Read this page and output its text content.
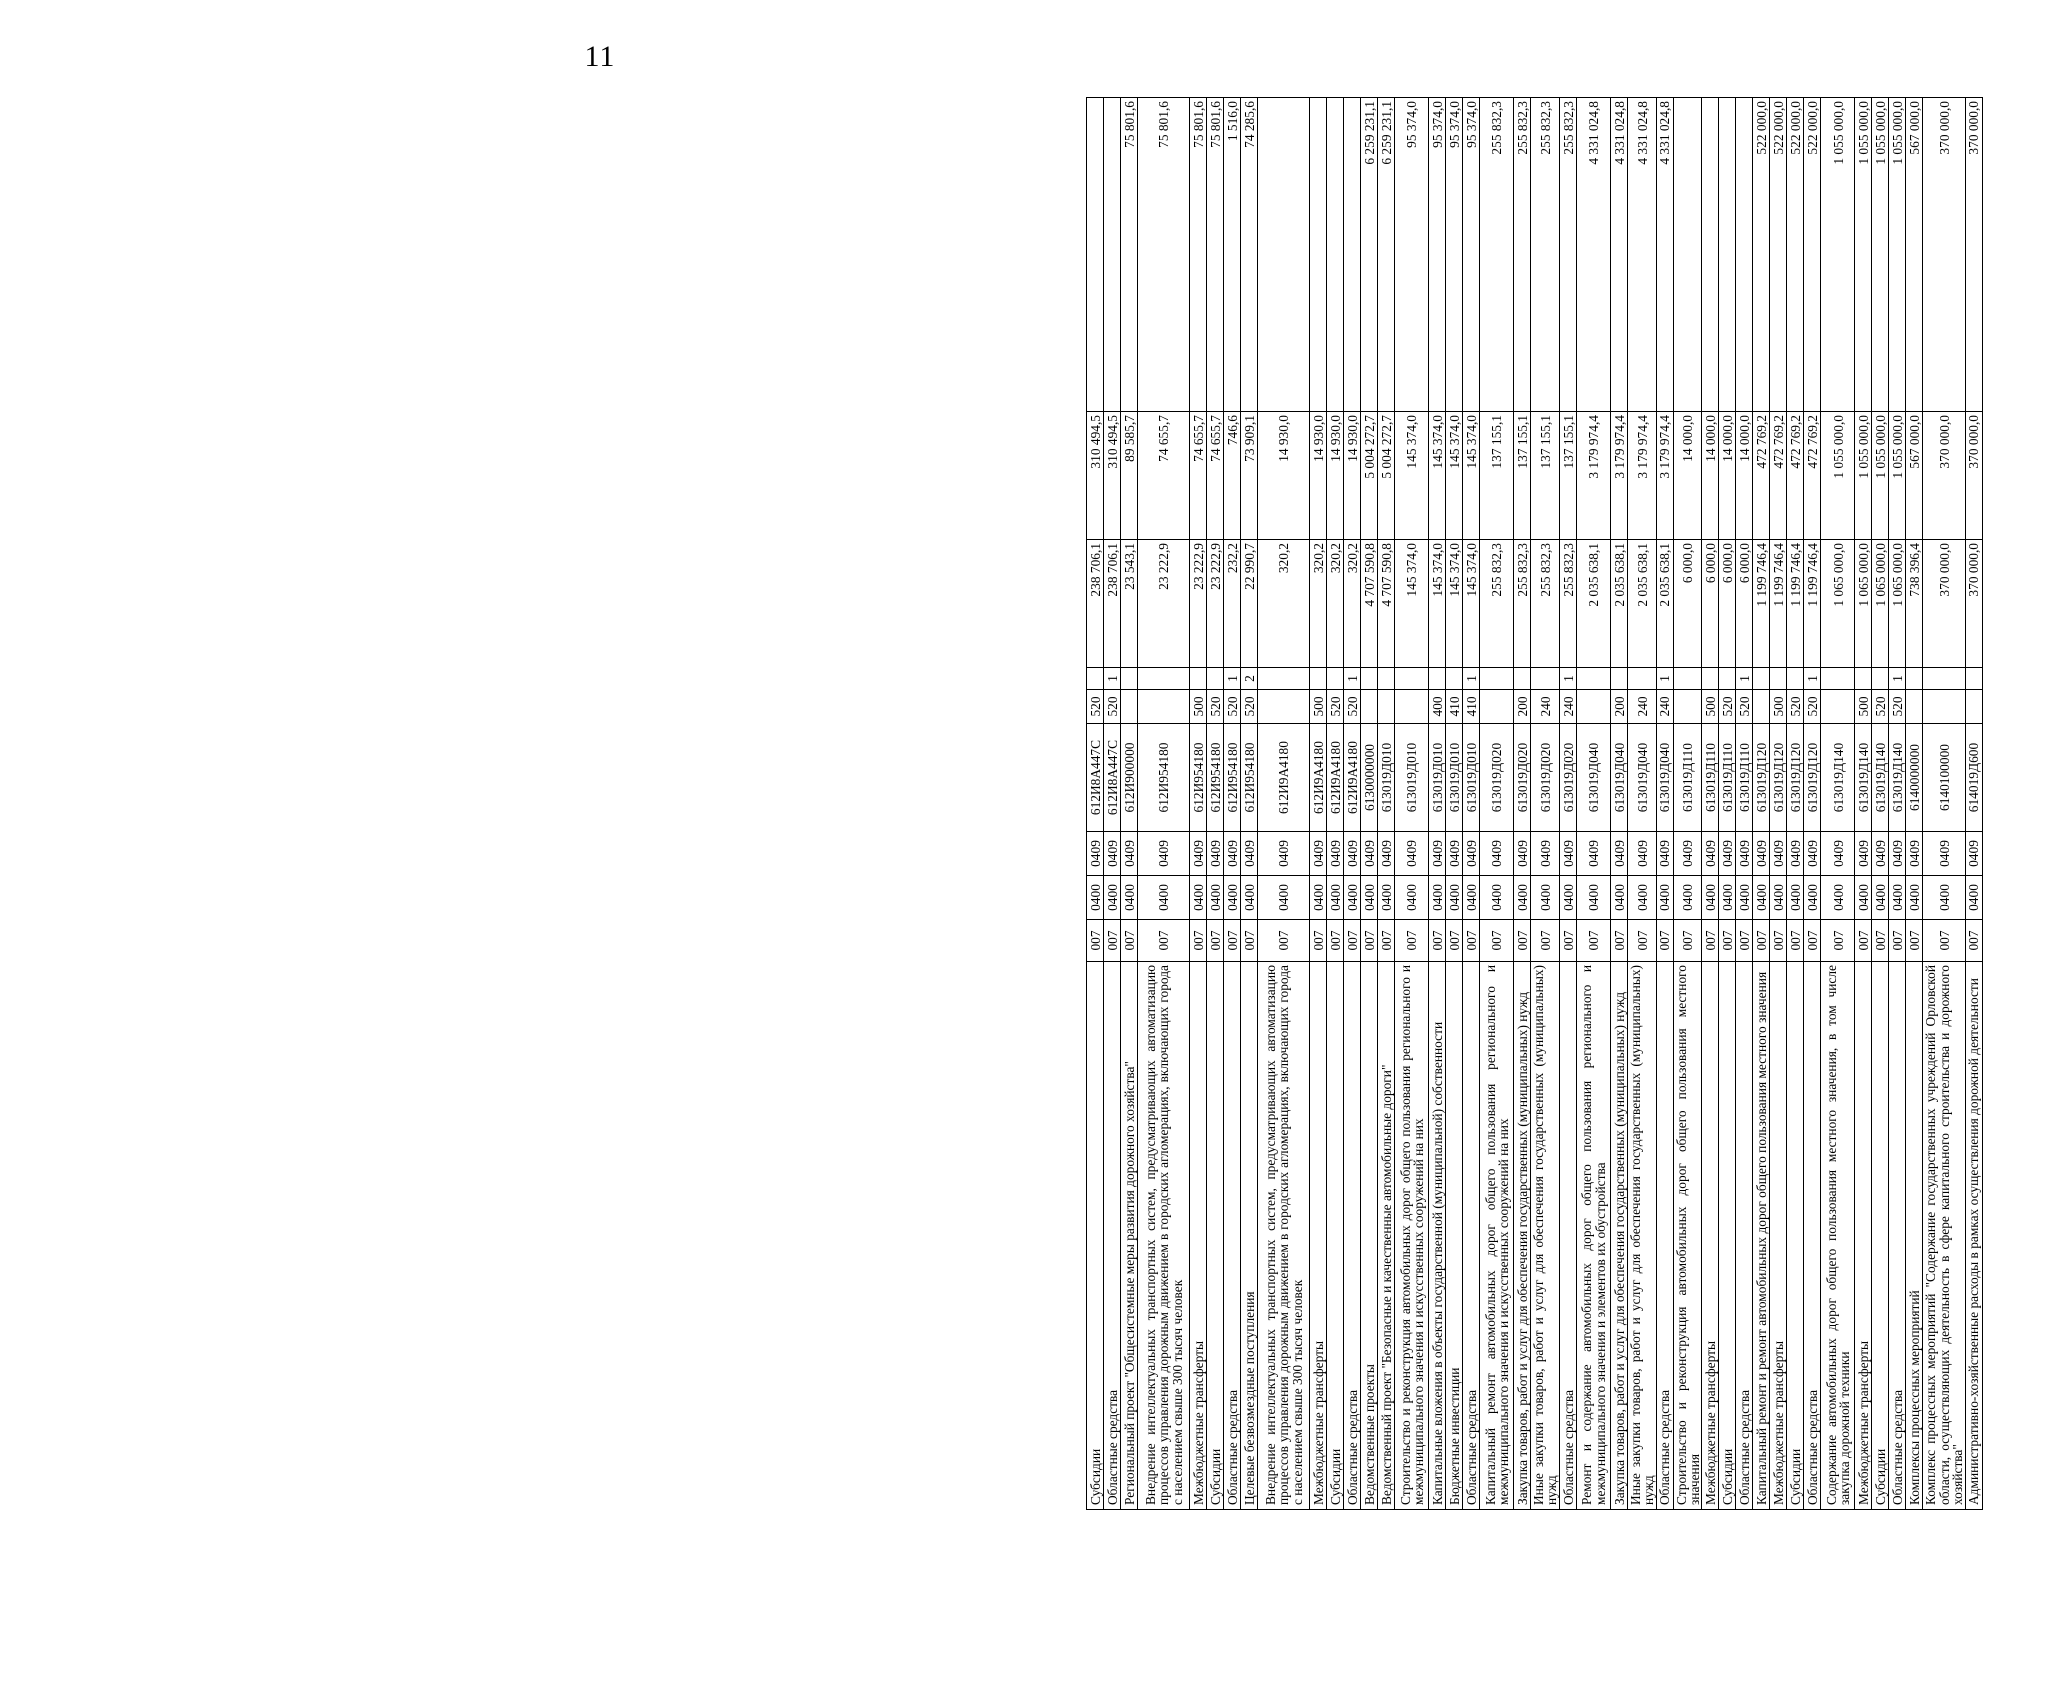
11
Субсидии	007	0400	0409	612И8А447С	520		238 706,1	310 494,5	
Областные средства	007	0400	0409	612И8А447С	520	1	238 706,1	310 494,5	
Региональный проект "Общесистемные меры развития дорожного хозяйства"	007	0400	0409	612И900000			23 543,1	89 585,7	75 801,6
Внедрение интеллектуальных транспортных систем, предусматривающих автоматизацию процессов управления дорожным движением в городских агломерациях, включающих города с населением свыше 300 тысяч человек	007	0400	0409	612И954180			23 222,9	74 655,7	75 801,6
Межбюджетные трансферты	007	0400	0409	612И954180	500		23 222,9	74 655,7	75 801,6
Субсидии	007	0400	0409	612И954180	520		23 222,9	74 655,7	75 801,6
Областные средства	007	0400	0409	612И954180	520	1	232,2	746,6	1 516,0
Целевые безвозмездные поступления	007	0400	0409	612И954180	520	2	22 990,7	73 909,1	74 285,6
Внедрение интеллектуальных транспортных систем, предусматривающих автоматизацию процессов управления дорожным движением в городских агломерациях, включающих города с населением свыше 300 тысяч человек	007	0400	0409	612И9А4180			320,2	14 930,0	
Межбюджетные трансферты	007	0400	0409	612И9А4180	500		320,2	14 930,0	
Субсидии	007	0400	0409	612И9А4180	520		320,2	14 930,0	
Областные средства	007	0400	0409	612И9А4180	520	1	320,2	14 930,0	
Ведомственные проекты	007	0400	0409	6130000000			4 707 590,8	5 004 272,7	6 259 231,1
Ведомственный проект "Безопасные и качественные автомобильные дороги"	007	0400	0409	613019Д010			4 707 590,8	5 004 272,7	6 259 231,1
Строительство и реконструкция автомобильных дорог общего пользования регионального и межмуниципального значения и искусственных сооружений на них	007	0400	0409	613019Д010			145 374,0	145 374,0	95 374,0
Капитальные вложения в объекты государственной (муниципальной) собственности	007	0400	0409	613019Д010	400		145 374,0	145 374,0	95 374,0
Бюджетные инвестиции	007	0400	0409	613019Д010	410		145 374,0	145 374,0	95 374,0
Областные средства	007	0400	0409	613019Д010	410	1	145 374,0	145 374,0	95 374,0
Капитальный ремонт автомобильных дорог общего пользования регионального и межмуниципального значения и искусственных сооружений на них	007	0400	0409	613019Д020			255 832,3	137 155,1	255 832,3
Закупка товаров, работ и услуг для обеспечения государственных (муниципальных) нужд	007	0400	0409	613019Д020	200		255 832,3	137 155,1	255 832,3
Иные закупки товаров, работ и услуг для обеспечения государственных (муниципальных) нужд	007	0400	0409	613019Д020	240		255 832,3	137 155,1	255 832,3
Областные средства	007	0400	0409	613019Д020	240	1	255 832,3	137 155,1	255 832,3
Ремонт и содержание автомобильных дорог общего пользования регионального и межмуниципального значения и элементов их обустройства	007	0400	0409	613019Д040			2 035 638,1	3 179 974,4	4 331 024,8
Закупка товаров, работ и услуг для обеспечения государственных (муниципальных) нужд	007	0400	0409	613019Д040	200		2 035 638,1	3 179 974,4	4 331 024,8
Иные закупки товаров, работ и услуг для обеспечения государственных (муниципальных) нужд	007	0400	0409	613019Д040	240		2 035 638,1	3 179 974,4	4 331 024,8
Областные средства	007	0400	0409	613019Д040	240	1	2 035 638,1	3 179 974,4	4 331 024,8
Строительство и реконструкция автомобильных дорог общего пользования местного значения	007	0400	0409	613019Д110			6 000,0	14 000,0	
Межбюджетные трансферты	007	0400	0409	613019Д110	500		6 000,0	14 000,0	
Субсидии	007	0400	0409	613019Д110	520		6 000,0	14 000,0	
Областные средства	007	0400	0409	613019Д110	520	1	6 000,0	14 000,0	
Капитальный ремонт и ремонт автомобильных дорог общего пользования местного значения	007	0400	0409	613019Д120			1 199 746,4	472 769,2	522 000,0
Межбюджетные трансферты	007	0400	0409	613019Д120	500		1 199 746,4	472 769,2	522 000,0
Субсидии	007	0400	0409	613019Д120	520		1 199 746,4	472 769,2	522 000,0
Областные средства	007	0400	0409	613019Д120	520	1	1 199 746,4	472 769,2	522 000,0
Содержание автомобильных дорог общего пользования местного значения, в том числе закупка дорожной техники	007	0400	0409	613019Д140			1 065 000,0	1 055 000,0	1 055 000,0
Межбюджетные трансферты	007	0400	0409	613019Д140	500		1 065 000,0	1 055 000,0	1 055 000,0
Субсидии	007	0400	0409	613019Д140	520		1 065 000,0	1 055 000,0	1 055 000,0
Областные средства	007	0400	0409	613019Д140	520	1	1 065 000,0	1 055 000,0	1 055 000,0
Комплексы процессных мероприятий	007	0400	0409	6140000000			738 396,4	567 000,0	567 000,0
Комплекс процессных мероприятий "Содержание государственных учреждений Орловской области, осуществляющих деятельность в сфере капитального строительства и дорожного хозяйства"	007	0400	0409	6140100000			370 000,0	370 000,0	370 000,0
Административно-хозяйственные расходы в рамках осуществления дорожной деятельности	007	0400	0409	614019Д600			370 000,0	370 000,0	370 000,0
